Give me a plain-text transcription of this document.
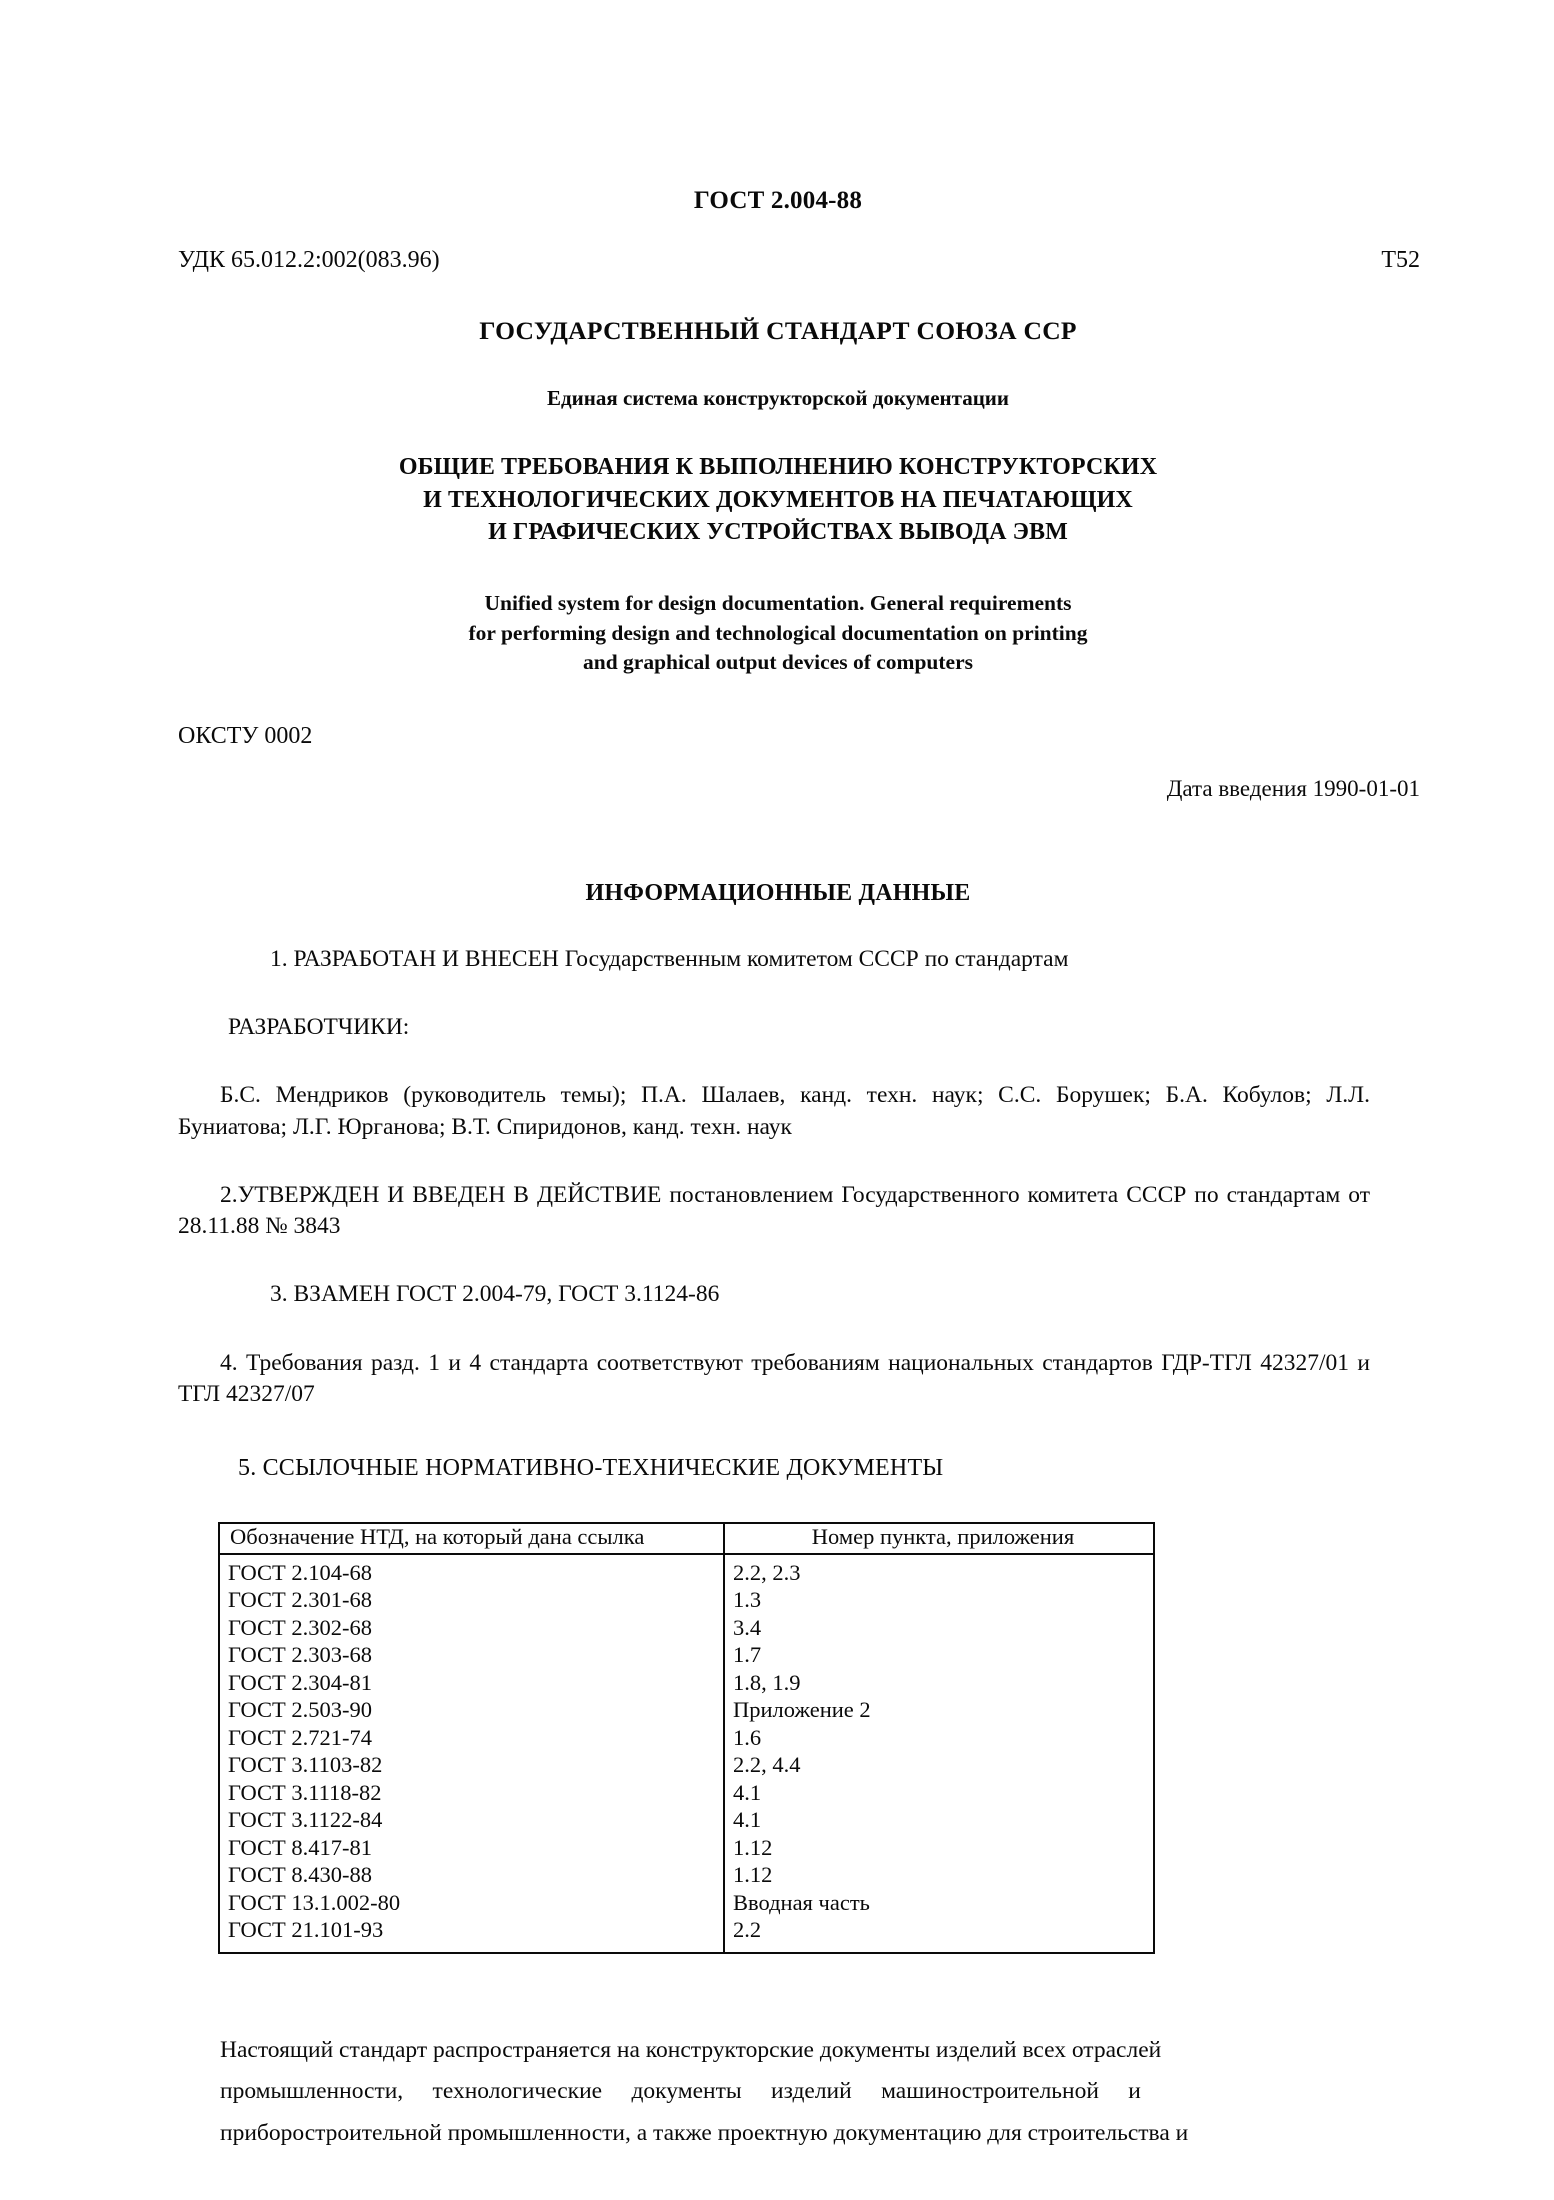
ГОСТ 2.004-88
УДК 65.012.2:002(083.96)	Т52
ГОСУДАРСТВЕННЫЙ СТАНДАРТ СОЮЗА ССР
Единая система конструкторской документации
ОБЩИЕ ТРЕБОВАНИЯ К ВЫПОЛНЕНИЮ КОНСТРУКТОРСКИХ
И ТЕХНОЛОГИЧЕСКИХ ДОКУМЕНТОВ НА ПЕЧАТАЮЩИХ
И ГРАФИЧЕСКИХ УСТРОЙСТВАХ ВЫВОДА ЭВМ
Unified system for design documentation. General requirements
for performing design and technological documentation on printing
and graphical output devices of computers
ОКСТУ 0002
Дата введения 1990-01-01
ИНФОРМАЦИОННЫЕ ДАННЫЕ

1. РАЗРАБОТАН И ВНЕСЕН Государственным комитетом СССР по стандартам

РАЗРАБОТЧИКИ:

Б.С. Мендриков (руководитель темы); П.А. Шалаев, канд. техн. наук; С.С. Борушек; Б.А. Кобулов; Л.Л. Буниатова; Л.Г. Юрганова; В.Т. Спиридонов, канд. техн. наук

2.УТВЕРЖДЕН И ВВЕДЕН В ДЕЙСТВИЕ постановлением Государственного комитета СССР по стандартам от 28.11.88 № 3843

3. ВЗАМЕН ГОСТ 2.004-79, ГОСТ 3.1124-86

4. Требования разд. 1 и 4 стандарта соответствуют требованиям национальных стандартов ГДР-ТГЛ 42327/01 и ТГЛ 42327/07

5. ССЫЛОЧНЫЕ НОРМАТИВНО-ТЕХНИЧЕСКИЕ ДОКУМЕНТЫ
Обозначение НТД, на который дана ссылка	Номер пункта, приложения
ГОСТ 2.104-68	2.2, 2.3
ГОСТ 2.301-68	1.3
ГОСТ 2.302-68	3.4
ГОСТ 2.303-68	1.7
ГОСТ 2.304-81	1.8, 1.9
ГОСТ 2.503-90	Приложение 2
ГОСТ 2.721-74	1.6
ГОСТ 3.1103-82	2.2, 4.4
ГОСТ 3.1118-82	4.1
ГОСТ 3.1122-84	4.1
ГОСТ 8.417-81	1.12
ГОСТ 8.430-88	1.12
ГОСТ 13.1.002-80	Вводная часть
ГОСТ 21.101-93	2.2
Настоящий стандарт распространяется на конструкторские документы изделий всех отраслей
промышленности,  технологические  документы  изделий  машиностроительной  и
приборостроительной промышленности, а также проектную документацию для строительства и
